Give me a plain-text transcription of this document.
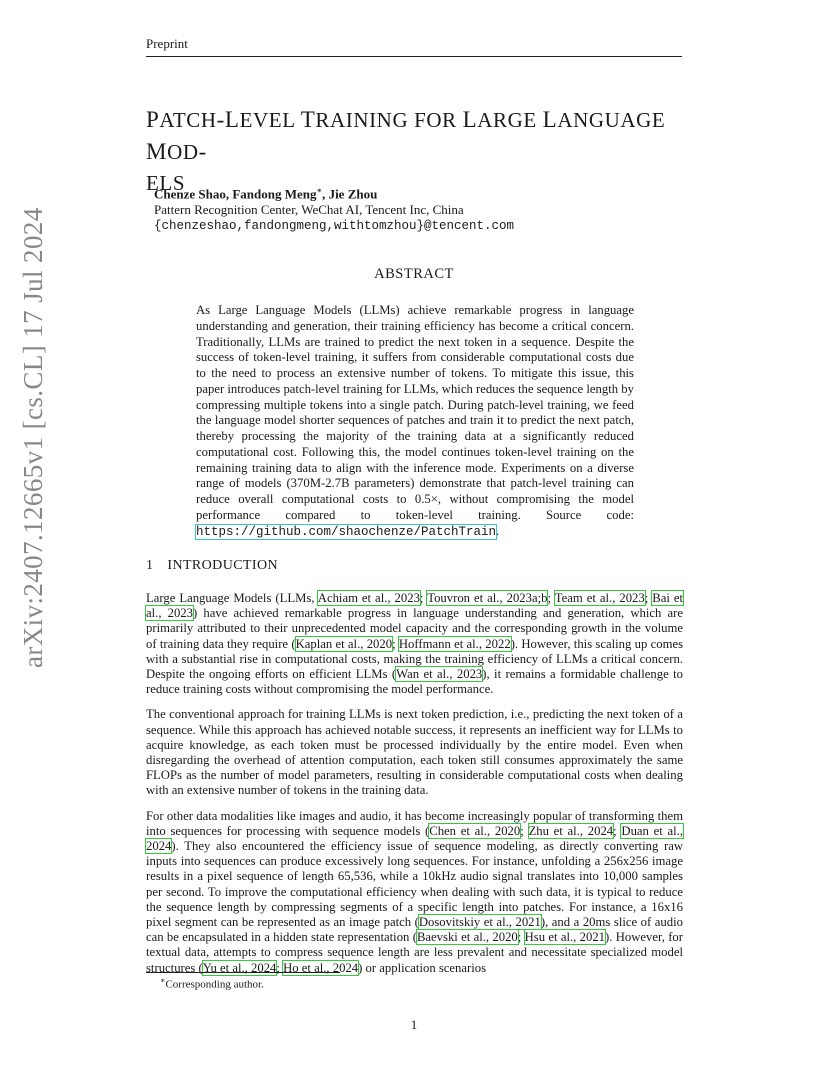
Preprint
arXiv:2407.12665v1 [cs.CL] 17 Jul 2024
PATCH-LEVEL TRAINING FOR LARGE LANGUAGE MOD-
ELS
Chenze Shao, Fandong Meng∗, Jie Zhou
Pattern Recognition Center, WeChat AI, Tencent Inc, China
{chenzeshao,fandongmeng,withtomzhou}@tencent.com
ABSTRACT
As Large Language Models (LLMs) achieve remarkable progress in language understanding and generation, their training efficiency has become a critical concern. Traditionally, LLMs are trained to predict the next token in a sequence. Despite the success of token-level training, it suffers from considerable computational costs due to the need to process an extensive number of tokens. To mitigate this issue, this paper introduces patch-level training for LLMs, which reduces the sequence length by compressing multiple tokens into a single patch. During patch-level training, we feed the language model shorter sequences of patches and train it to predict the next patch, thereby processing the majority of the training data at a significantly reduced computational cost. Following this, the model continues token-level training on the remaining training data to align with the inference mode. Experiments on a diverse range of models (370M-2.7B parameters) demonstrate that patch-level training can reduce overall computational costs to 0.5×, without compromising the model performance compared to token-level training. Source code: https://github.com/shaochenze/PatchTrain.
1 INTRODUCTION

Large Language Models (LLMs, Achiam et al., 2023; Touvron et al., 2023a;b; Team et al., 2023; Bai et al., 2023) have achieved remarkable progress in language understanding and generation, which are primarily attributed to their unprecedented model capacity and the corresponding growth in the volume of training data they require (Kaplan et al., 2020; Hoffmann et al., 2022). However, this scaling up comes with a substantial rise in computational costs, making the training efficiency of LLMs a critical concern. Despite the ongoing efforts on efficient LLMs (Wan et al., 2023), it remains a formidable challenge to reduce training costs without compromising the model performance.

The conventional approach for training LLMs is next token prediction, i.e., predicting the next token of a sequence. While this approach has achieved notable success, it represents an inefficient way for LLMs to acquire knowledge, as each token must be processed individually by the entire model. Even when disregarding the overhead of attention computation, each token still consumes approximately the same FLOPs as the number of model parameters, resulting in considerable computational costs when dealing with an extensive number of tokens in the training data.

For other data modalities like images and audio, it has become increasingly popular of transforming them into sequences for processing with sequence models (Chen et al., 2020; Zhu et al., 2024; Duan et al., 2024). They also encountered the efficiency issue of sequence modeling, as directly converting raw inputs into sequences can produce excessively long sequences. For instance, unfolding a 256x256 image results in a pixel sequence of length 65,536, while a 10kHz audio signal translates into 10,000 samples per second. To improve the computational efficiency when dealing with such data, it is typical to reduce the sequence length by compressing segments of a specific length into patches. For instance, a 16x16 pixel segment can be represented as an image patch (Dosovitskiy et al., 2021), and a 20ms slice of audio can be encapsulated in a hidden state representation (Baevski et al., 2020; Hsu et al., 2021). However, for textual data, attempts to compress sequence length are less prevalent and necessitate specialized model structures (Yu et al., 2024; Ho et al., 2024) or application scenarios

∗Corresponding author.
1
